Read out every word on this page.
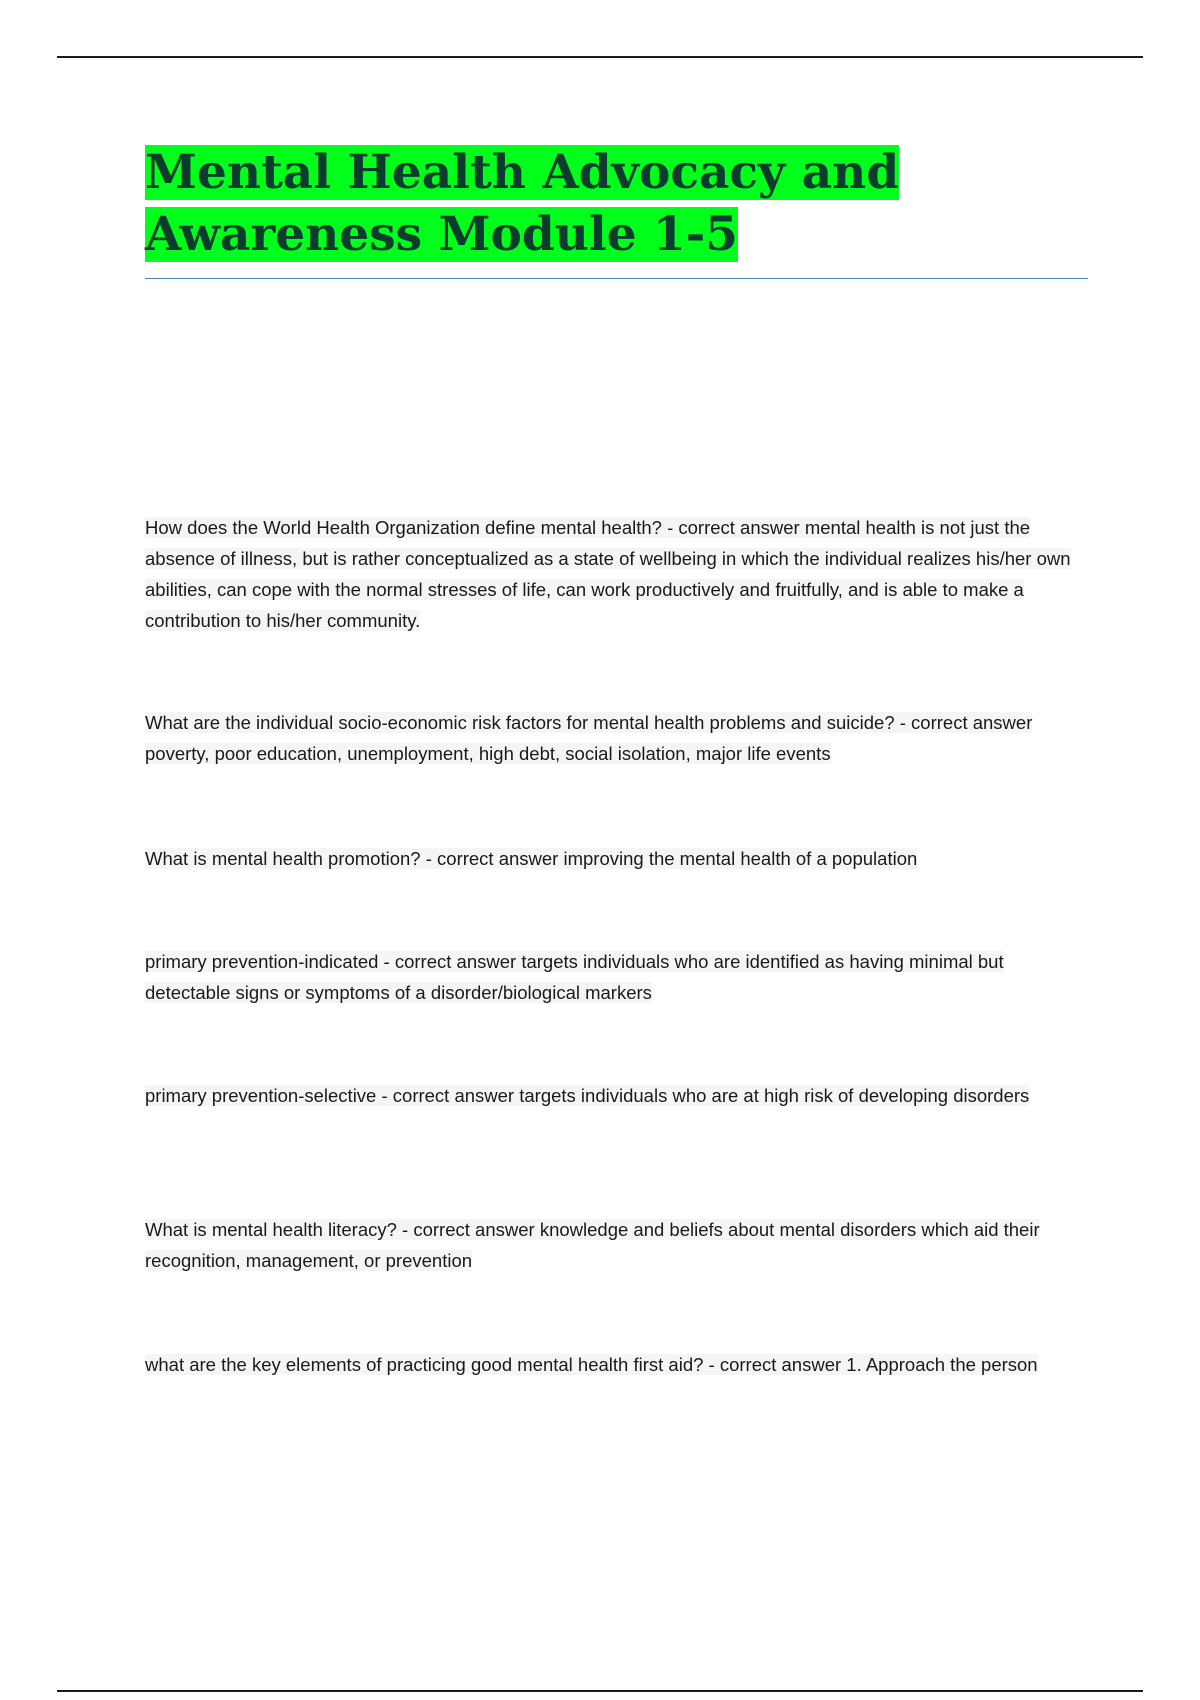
Mental Health Advocacy and
Awareness Module 1-5

How does the World Health Organization define mental health? - correct answer mental health is not just the absence of illness, but is rather conceptualized as a state of wellbeing in which the individual realizes his/her own abilities, can cope with the normal stresses of life, can work productively and fruitfully, and is able to make a contribution to his/her community.

What are the individual socio-economic risk factors for mental health problems and suicide? - correct answer poverty, poor education, unemployment, high debt, social isolation, major life events

What is mental health promotion? - correct answer improving the mental health of a population

primary prevention-indicated - correct answer targets individuals who are identified as having minimal but detectable signs or symptoms of a disorder/biological markers

primary prevention-selective - correct answer targets individuals who are at high risk of developing disorders

What is mental health literacy? - correct answer knowledge and beliefs about mental disorders which aid their recognition, management, or prevention

what are the key elements of practicing good mental health first aid? - correct answer 1. Approach the person
